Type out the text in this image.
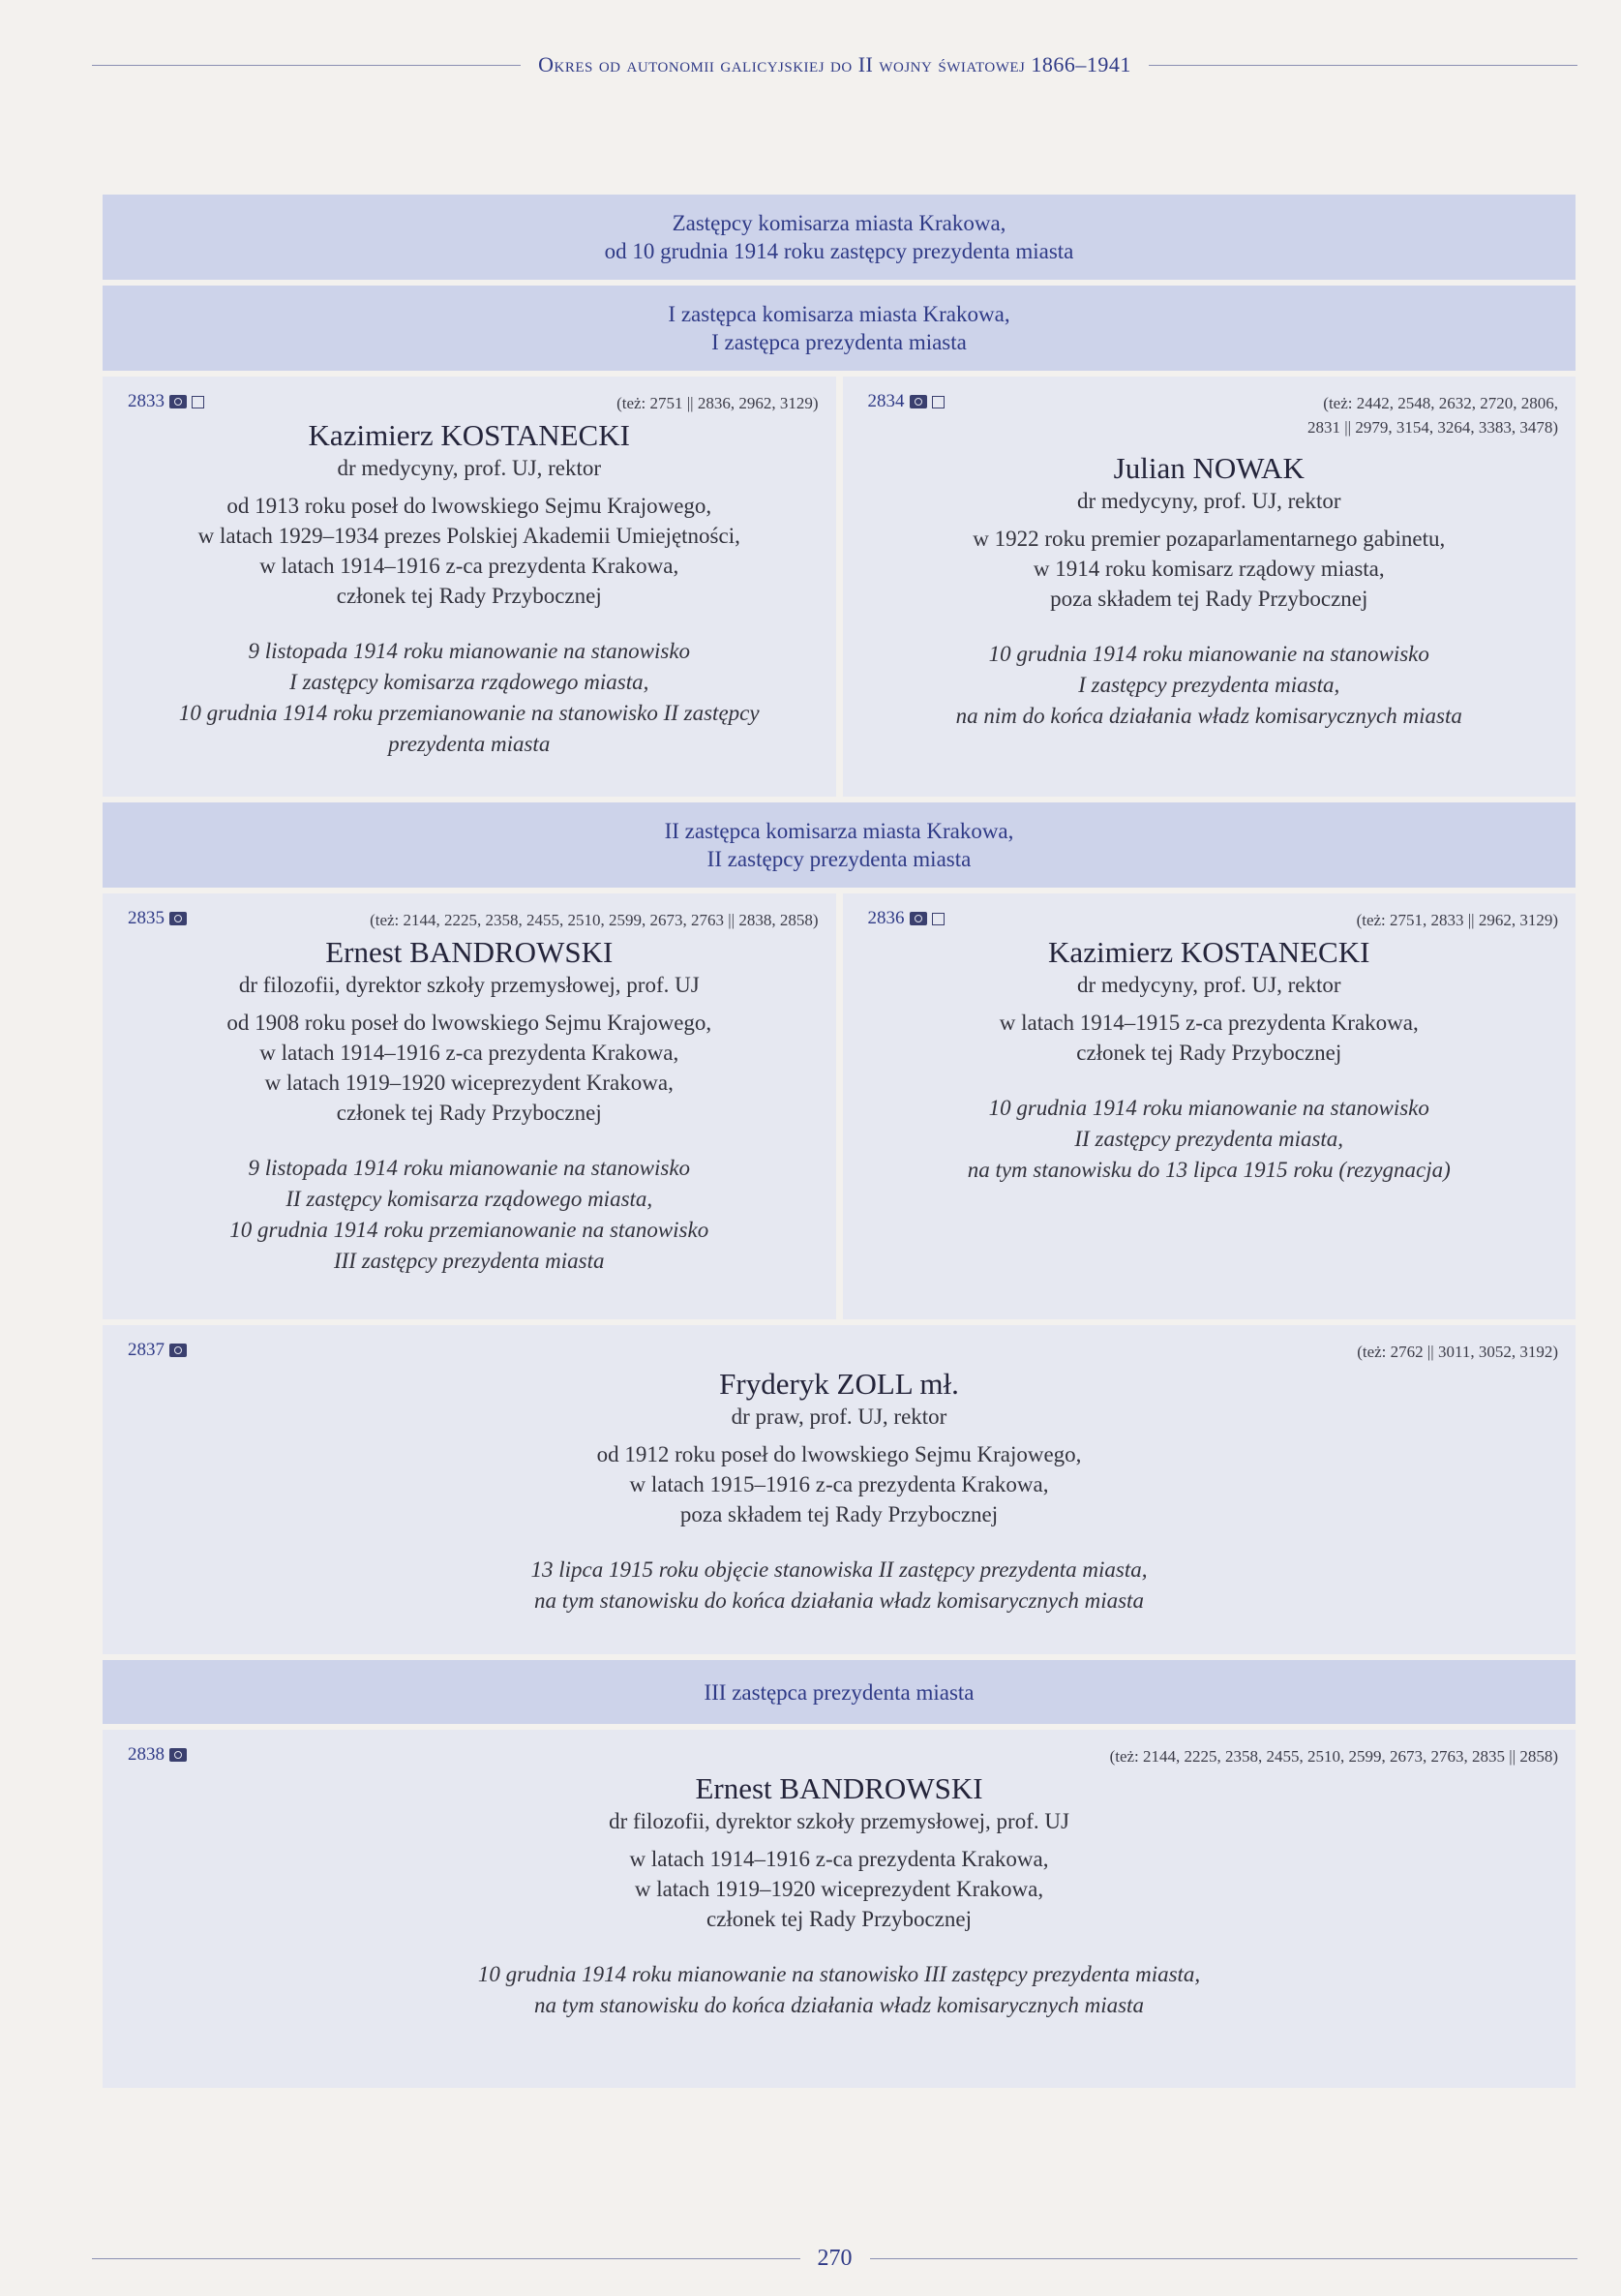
Okres od autonomii galicyjskiej do II wojny światowej 1866–1941
Zastępcy komisarza miasta Krakowa,
od 10 grudnia 1914 roku zastępcy prezydenta miasta
I zastępca komisarza miasta Krakowa,
I zastępca prezydenta miasta
2833	(też: 2751 || 2836, 2962, 3129)
Kazimierz KOSTANECKI
dr medycyny, prof. UJ, rektor
od 1913 roku poseł do lwowskiego Sejmu Krajowego,
w latach 1929–1934 prezes Polskiej Akademii Umiejętności,
w latach 1914–1916 z-ca prezydenta Krakowa,
członek tej Rady Przybocznej
9 listopada 1914 roku mianowanie na stanowisko
I zastępcy komisarza rządowego miasta,
10 grudnia 1914 roku przemianowanie na stanowisko II zastępcy
prezydenta miasta
2834	(też: 2442, 2548, 2632, 2720, 2806,
2831 || 2979, 3154, 3264, 3383, 3478)
Julian NOWAK
dr medycyny, prof. UJ, rektor
w 1922 roku premier pozaparlamentarnego gabinetu,
w 1914 roku komisarz rządowy miasta,
poza składem tej Rady Przybocznej
10 grudnia 1914 roku mianowanie na stanowisko
I zastępcy prezydenta miasta,
na nim do końca działania władz komisarycznych miasta
II zastępca komisarza miasta Krakowa,
II zastępcy prezydenta miasta
2835	(też: 2144, 2225, 2358, 2455, 2510, 2599, 2673, 2763 || 2838, 2858)
Ernest BANDROWSKI
dr filozofii, dyrektor szkoły przemysłowej, prof. UJ
od 1908 roku poseł do lwowskiego Sejmu Krajowego,
w latach 1914–1916 z-ca prezydenta Krakowa,
w latach 1919–1920 wiceprezydent Krakowa,
członek tej Rady Przybocznej
9 listopada 1914 roku mianowanie na stanowisko
II zastępcy komisarza rządowego miasta,
10 grudnia 1914 roku przemianowanie na stanowisko
III zastępcy prezydenta miasta
2836	(też: 2751, 2833 || 2962, 3129)
Kazimierz KOSTANECKI
dr medycyny, prof. UJ, rektor
w latach 1914–1915 z-ca prezydenta Krakowa,
członek tej Rady Przybocznej
10 grudnia 1914 roku mianowanie na stanowisko
II zastępcy prezydenta miasta,
na tym stanowisku do 13 lipca 1915 roku (rezygnacja)
2837	(też: 2762 || 3011, 3052, 3192)
Fryderyk ZOLL mł.
dr praw, prof. UJ, rektor
od 1912 roku poseł do lwowskiego Sejmu Krajowego,
w latach 1915–1916 z-ca prezydenta Krakowa,
poza składem tej Rady Przybocznej
13 lipca 1915 roku objęcie stanowiska II zastępcy prezydenta miasta,
na tym stanowisku do końca działania władz komisarycznych miasta
III zastępca prezydenta miasta
2838	(też: 2144, 2225, 2358, 2455, 2510, 2599, 2673, 2763, 2835 || 2858)
Ernest BANDROWSKI
dr filozofii, dyrektor szkoły przemysłowej, prof. UJ
w latach 1914–1916 z-ca prezydenta Krakowa,
w latach 1919–1920 wiceprezydent Krakowa,
członek tej Rady Przybocznej
10 grudnia 1914 roku mianowanie na stanowisko III zastępcy prezydenta miasta,
na tym stanowisku do końca działania władz komisarycznych miasta
270
